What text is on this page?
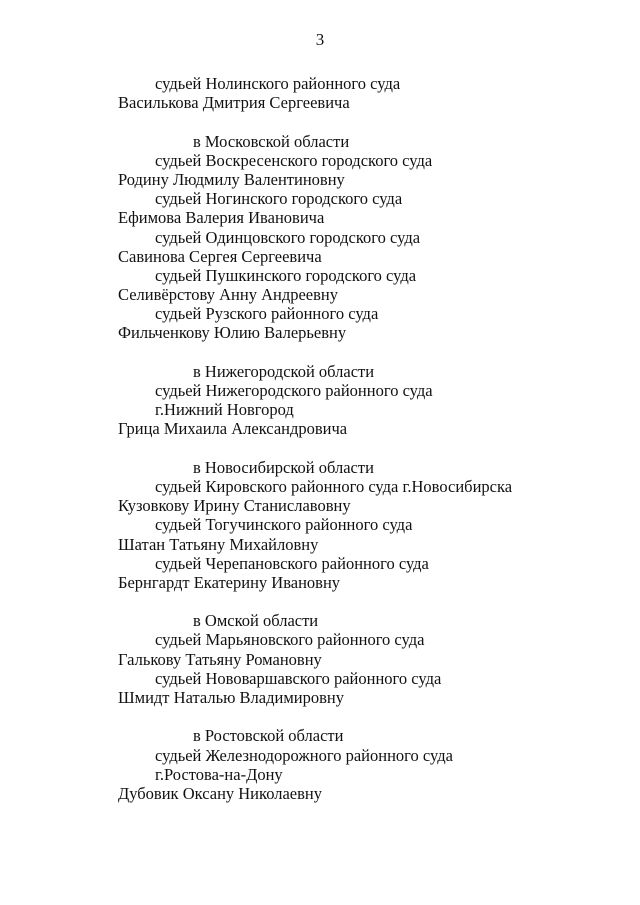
3
судьей Нолинского районного суда
Василькова Дмитрия Сергеевича
в Московской области
судьей Воскресенского городского суда
Родину Людмилу Валентиновну
судьей Ногинского городского суда
Ефимова Валерия Ивановича
судьей Одинцовского городского суда
Савинова Сергея Сергеевича
судьей Пушкинского городского суда
Селивёрстову Анну Андреевну
судьей Рузского районного суда
Фильченкову Юлию Валерьевну
в Нижегородской области
судьей Нижегородского районного суда
г.Нижний Новгород
Грица Михаила Александровича
в Новосибирской области
судьей Кировского районного суда г.Новосибирска
Кузовкову Ирину Станиславовну
судьей Тогучинского районного суда
Шатан Татьяну Михайловну
судьей Черепановского районного суда
Бернгардт Екатерину Ивановну
в Омской области
судьей Марьяновского районного суда
Галькову Татьяну Романовну
судьей Нововаршавского районного суда
Шмидт Наталью Владимировну
в Ростовской области
судьей Железнодорожного районного суда
г.Ростова-на-Дону
Дубовик Оксану Николаевну
